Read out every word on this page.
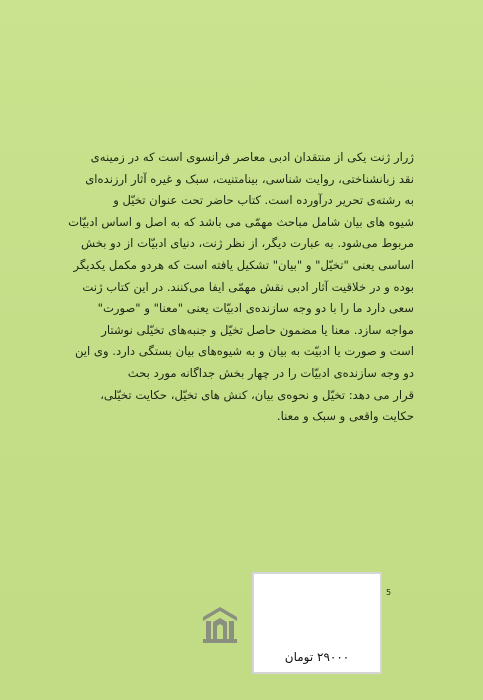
ژرار ژنت یکی از منتقدان ادبی معاصر فرانسوی است که در زمینه‌ی
نقد زبانشناختی، روایت شناسی، بینامتنیت، سبک و غیره آثار ارزنده‌ای
به رشته‌ی تحریر درآورده است. کتاب حاضر تحت عنوان تخیّل و
شیوه های بیان شامل مباحث مهمّی می باشد که به اصل و اساس ادبیّات
مربوط می‌شود. به عبارت دیگر، از نظر ژنت، دنیای ادبیّات از دو بخش
اساسی یعنی "تخیّل" و "بیان" تشکیل یافته است که هردو مکمل یکدیگر
بوده و در خلاقیت آثار ادبی نقش مهمّی ایفا می‌کنند. در این کتاب ژنت
سعی دارد ما را با دو وجه سازنده‌ی ادبیّات یعنی "معنا" و "صورت"
مواجه سازد. معنا یا مضمون حاصل تخیّل و جنبه‌های تخیّلی نوشتار
است و صورت یا ادبیّت به بیان و به شیوه‌های بیان بستگی دارد. وی این
دو وجه سازنده‌ی ادبیّات را در چهار بخش جداگانه مورد بحث
قرار می دهد: تخیّل و نحوه‌ی بیان، کنش های تخیّل، حکایت تخیّلی،
حکایت واقعی و سبک و معنا.
۲۹۰۰۰ تومان
5
